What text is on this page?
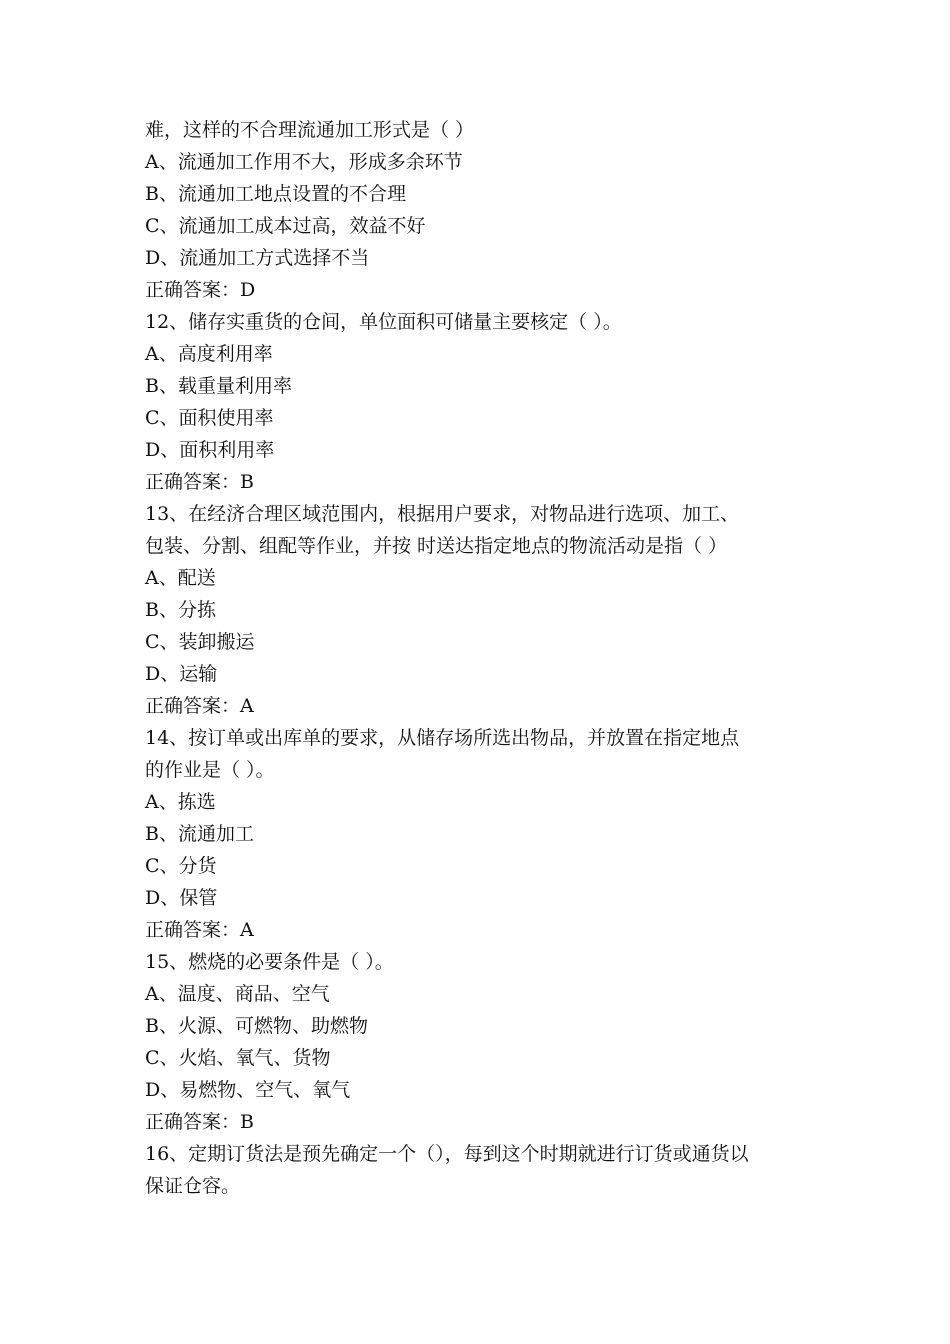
难，这样的不合理流通加工形式是（ ）
A、流通加工作用不大，形成多余环节
B、流通加工地点设置的不合理
C、流通加工成本过高，效益不好
D、流通加工方式选择不当
正确答案：D
12、储存实重货的仓间，单位面积可储量主要核定（ ）。
A、高度利用率
B、载重量利用率
C、面积使用率
D、面积利用率
正确答案：B
13、在经济合理区域范围内，根据用户要求，对物品进行选项、加工、
包装、分割、组配等作业，并按 时送达指定地点的物流活动是指（ ）
A、配送
B、分拣
C、装卸搬运
D、运输
正确答案：A
14、按订单或出库单的要求，从储存场所选出物品，并放置在指定地点
的作业是（ ）。
A、拣选
B、流通加工
C、分货
D、保管
正确答案：A
15、燃烧的必要条件是（ ）。
A、温度、商品、空气
B、火源、可燃物、助燃物
C、火焰、氧气、货物
D、易燃物、空气、氧气
正确答案：B
16、定期订货法是预先确定一个（），每到这个时期就进行订货或通货以
保证仓容。
